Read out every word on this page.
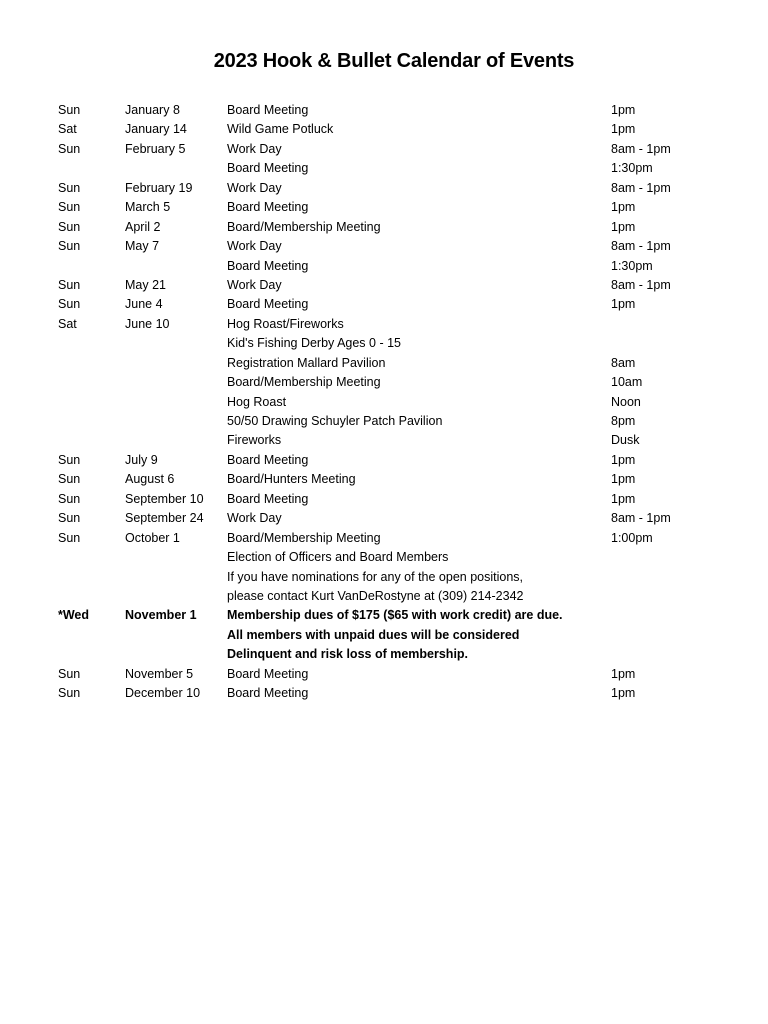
2023 Hook & Bullet Calendar of Events
Sun	January 8	Board Meeting	1pm
Sat	January 14	Wild Game Potluck	1pm
Sun	February 5	Work Day	8am - 1pm
Board Meeting	1:30pm
Sun	February 19	Work Day	8am - 1pm
Sun	March 5	Board Meeting	1pm
Sun	April 2	Board/Membership Meeting	1pm
Sun	May 7	Work Day	8am - 1pm
Board Meeting	1:30pm
Sun	May 21	Work Day	8am - 1pm
Sun	June 4	Board Meeting	1pm
Sat	June 10	Hog Roast/Fireworks
Kid's Fishing Derby Ages 0 - 15
Registration Mallard Pavilion	8am
Board/Membership Meeting	10am
Hog Roast	Noon
50/50 Drawing Schuyler Patch Pavilion	8pm
Fireworks	Dusk
Sun	July 9	Board Meeting	1pm
Sun	August 6	Board/Hunters Meeting	1pm
Sun	September 10 Board Meeting	1pm
Sun	September 24 Work Day	8am - 1pm
Sun	October 1	Board/Membership Meeting	1:00pm
Election of Officers and Board Members
If you have nominations for any of the open positions,
please contact Kurt VanDeRostyne at (309) 214-2342
*Wed	November 1 Membership dues of $175 ($65 with work credit) are due.
All members with unpaid dues will be considered
Delinquent and risk loss of membership.
Sun	November 5	Board Meeting	1pm
Sun	December 10 Board Meeting	1pm
